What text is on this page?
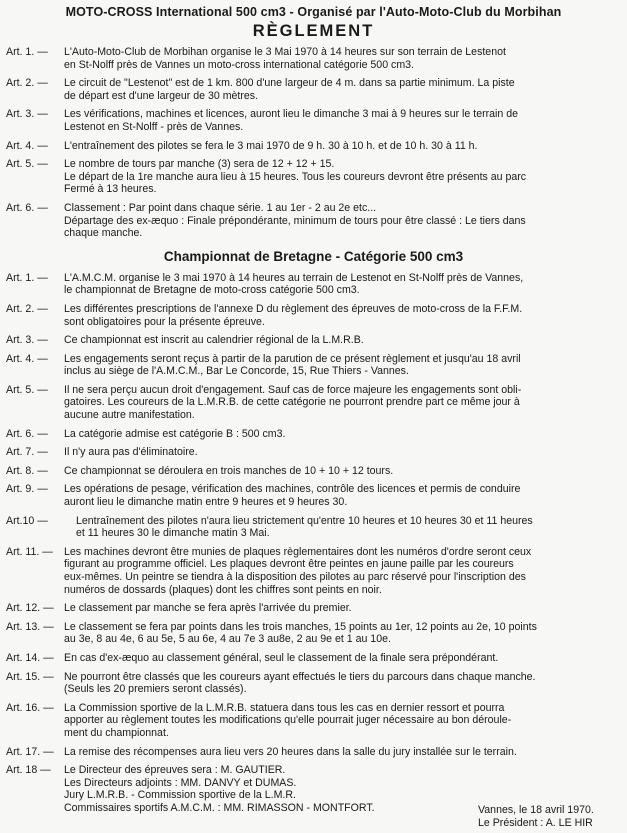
MOTO-CROSS International 500 cm3 - Organisé par l'Auto-Moto-Club du Morbihan
RÈGLEMENT
Art. 1. —	L'Auto-Moto-Club de Morbihan organise le 3 Mai 1970 à 14 heures sur son terrain de Lestenot
en St-Nolff près de Vannes un moto-cross international catégorie 500 cm3.
Art. 2. —	Le circuit de "Lestenot" est de 1 km. 800 d'une largeur de 4 m. dans sa partie minimum. La piste
de départ est d'une largeur de 30 mètres.
Art. 3. —	Les vérifications, machines et licences, auront lieu le dimanche 3 mai à 9 heures sur le terrain de
Lestenot en St-Nolff - près de Vannes.
Art. 4. —	L'entraînement des pilotes se fera le 3 mai 1970 de 9 h. 30 à 10 h. et de 10 h. 30 à 11 h.
Art. 5. —	Le nombre de tours par manche (3) sera de 12 + 12 + 15.
Le départ de la 1re manche aura lieu à 15 heures. Tous les coureurs devront être présents au parc
Fermé à 13 heures.
Art. 6. —	Classement : Par point dans chaque série. 1 au 1er - 2 au 2e etc...
Départage des ex-æquo : Finale prépondérante, minimum de tours pour être classé : Le tiers dans
chaque manche.
Championnat de Bretagne - Catégorie 500 cm3
Art. 1. —	L'A.M.C.M. organise le 3 mai 1970 à 14 heures au terrain de Lestenot en St-Nolff près de Vannes,
le championnat de Bretagne de moto-cross catégorie 500 cm3.
Art. 2. —	Les différentes prescriptions de l'annexe D du règlement des épreuves de moto-cross de la F.F.M.
sont obligatoires pour la présente épreuve.
Art. 3. —	Ce championnat est inscrit au calendrier régional de la L.M.R.B.
Art. 4. —	Les engagements seront reçus à partir de la parution de ce présent règlement et jusqu'au 18 avril
inclus au siège de l'A.M.C.M., Bar Le Concorde, 15, Rue Thiers - Vannes.
Art. 5. —	Il ne sera perçu aucun droit d'engagement. Sauf cas de force majeure les engagements sont obli-
gatoires. Les coureurs de la L.M.R.B. de cette catégorie ne pourront prendre part ce même jour à
aucune autre manifestation.
Art. 6. —	La catégorie admise est catégorie B : 500 cm3.
Art. 7. —	Il n'y aura pas d'éliminatoire.
Art. 8. —	Ce championnat se déroulera en trois manches de 10 + 10 + 12 tours.
Art. 9. —	Les opérations de pesage, vérification des machines, contrôle des licences et permis de conduire
auront lieu le dimanche matin entre 9 heures et 9 heures 30.
Art.10 —	Lentraînement des pilotes n'aura lieu strictement qu'entre 10 heures et 10 heures 30 et 11 heures
et 11 heures 30 le dimanche matin 3 Mai.
Art. 11. —	Les machines devront être munies de plaques règlementaires dont les numéros d'ordre seront ceux
figurant au programme officiel. Les plaques devront être peintes en jaune paille par les coureurs
eux-mêmes. Un peintre se tiendra à la disposition des pilotes au parc réservé pour l'inscription des
numéros de dossards (plaques) dont les chiffres sont peints en noir.
Art. 12. — Le classement par manche se fera après l'arrivée du premier.
Art. 13. — Le classement se fera par points dans les trois manches, 15 points au 1er, 12 points au 2e, 10 points
au 3e, 8 au 4e, 6 au 5e, 5 au 6e, 4 au 7e 3 au8e, 2 au 9e et 1 au 10e.
Art. 14. — En cas d'ex-æquo au classement général, seul le classement de la finale sera prépondérant.
Art. 15. — Ne pourront être classés que les coureurs ayant effectués le tiers du parcours dans chaque manche.
(Seuls les 20 premiers seront classés).
Art. 16. — La Commission sportive de la L.M.R.B. statuera dans tous les cas en dernier ressort et pourra
apporter au règlement toutes les modifications qu'elle pourrait juger nécessaire au bon déroule-
ment du championnat.
Art. 17. — La remise des récompenses aura lieu vers 20 heures dans la salle du jury installée sur le terrain.
Art. 18 —	Le Directeur des épreuves sera : M. GAUTIER.
Les Directeurs adjoints : MM. DANVY et DUMAS.
Jury L.M.R.B. - Commission sportive de la L.M.R.
Commissaires sportifs A.M.C.M. : MM. RIMASSON - MONTFORT.	Vannes, le 18 avril 1970.
Le Président : A. LE HIR
